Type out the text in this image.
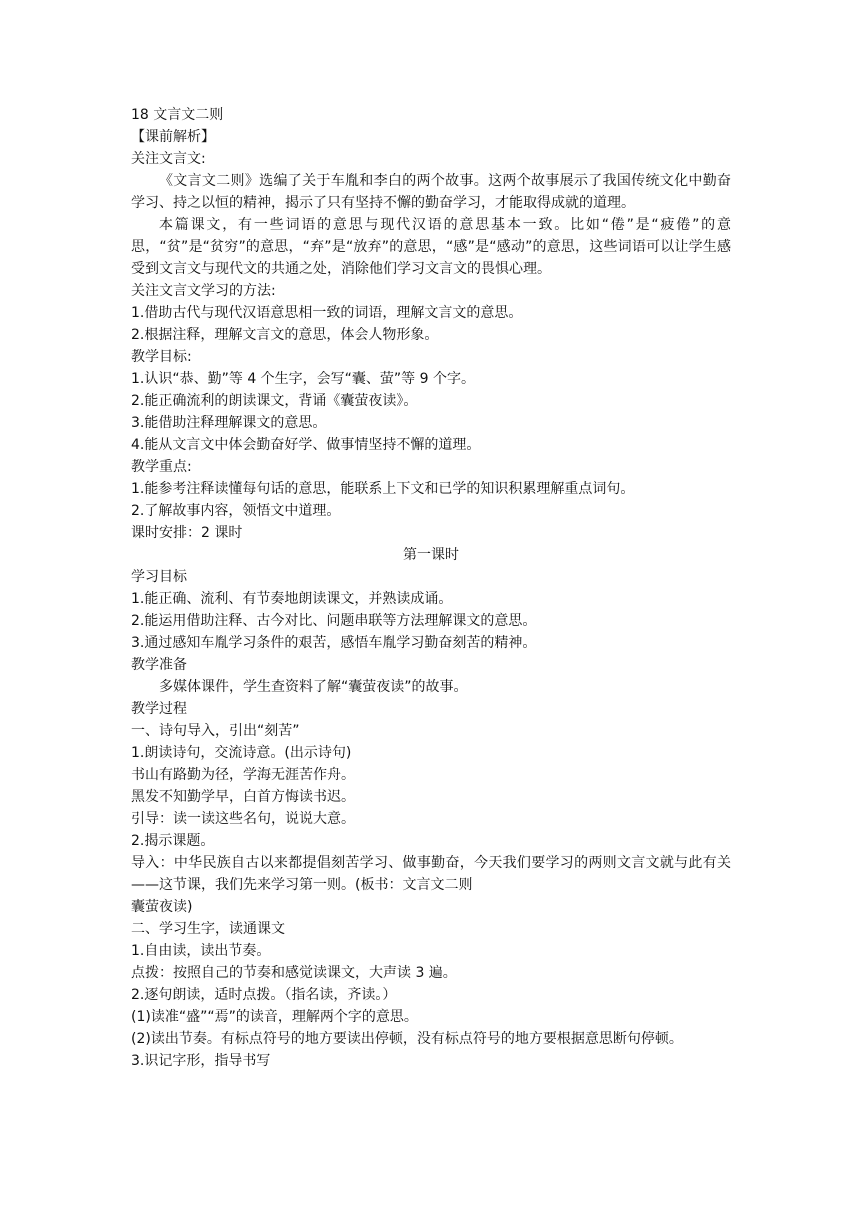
18 文言文二则

【课前解析】

关注文言文:

《文言文二则》选编了关于车胤和李白的两个故事。这两个故事展示了我国传统文化中勤奋学习、持之以恒的精神，揭示了只有坚持不懈的勤奋学习，才能取得成就的道理。

本篇课文，有一些词语的意思与现代汉语的意思基本一致。比如“倦”是“疲倦”的意思，“贫”是“贫穷”的意思，“弃”是“放弃”的意思，“感”是“感动”的意思，这些词语可以让学生感受到文言文与现代文的共通之处，消除他们学习文言文的畏惧心理。

关注文言文学习的方法:

1.借助古代与现代汉语意思相一致的词语，理解文言文的意思。

2.根据注释，理解文言文的意思，体会人物形象。

教学目标:

1.认识“恭、勤”等 4 个生字，会写“囊、萤”等 9 个字。

2.能正确流利的朗读课文，背诵《囊萤夜读》。

3.能借助注释理解课文的意思。

4.能从文言文中体会勤奋好学、做事情坚持不懈的道理。

教学重点:

1.能参考注释读懂每句话的意思，能联系上下文和已学的知识积累理解重点词句。

2.了解故事内容，领悟文中道理。

课时安排：2 课时

第一课时

学习目标

1.能正确、流利、有节奏地朗读课文，并熟读成诵。

2.能运用借助注释、古今对比、问题串联等方法理解课文的意思。

3.通过感知车胤学习条件的艰苦，感悟车胤学习勤奋刻苦的精神。

教学准备

多媒体课件，学生查资料了解“囊萤夜读”的故事。

教学过程

一、诗句导入，引出“刻苦”

1.朗读诗句，交流诗意。(出示诗句)

书山有路勤为径，学海无涯苦作舟。

黑发不知勤学早，白首方悔读书迟。

引导：读一读这些名句，说说大意。

2.揭示课题。

导入：中华民族自古以来都提倡刻苦学习、做事勤奋，今天我们要学习的两则文言文就与此有关——这节课，我们先来学习第一则。(板书：文言文二则

囊萤夜读)

二、学习生字，读通课文

1.自由读，读出节奏。

点拨：按照自己的节奏和感觉读课文，大声读 3 遍。

2.逐句朗读，适时点拨。（指名读，齐读。）

(1)读准“盛”“焉”的读音，理解两个字的意思。

(2)读出节奏。有标点符号的地方要读出停顿，没有标点符号的地方要根据意思断句停顿。

3.识记字形，指导书写
